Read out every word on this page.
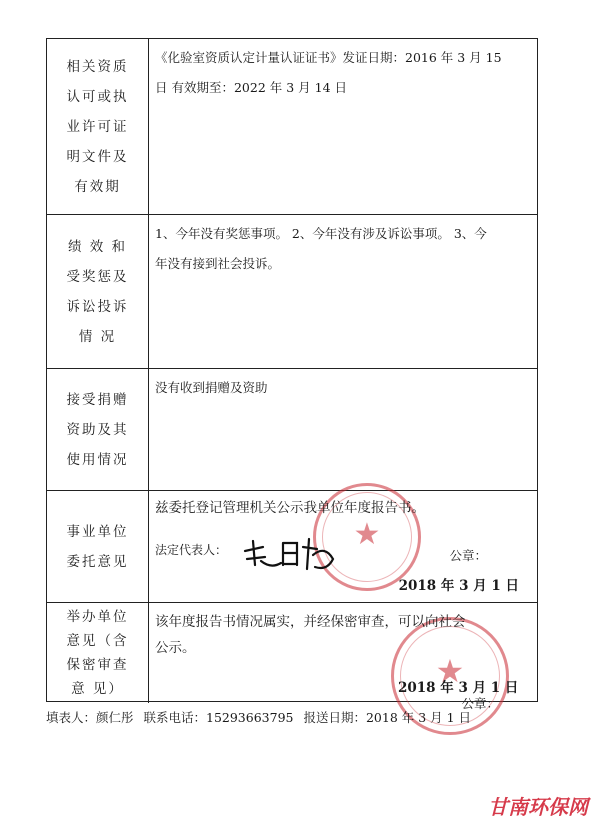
相关资质
认可或执
业许可证
明文件及
有效期

《化验室资质认定计量认证证书》发证日期：2016 年 3 月 15

日 有效期至：2022 年 3 月 14 日

绩 效 和
受奖惩及
诉讼投诉
情 况

1、今年没有奖惩事项。 2、今年没有涉及诉讼事项。 3、今

年没有接到社会投诉。

接受捐赠
资助及其
使用情况

没有收到捐赠及资助

事业单位
委托意见
★

兹委托登记管理机关公示我单位年度报告书。

法定代表人：	公章：
2018 年 3 月 1 日
举办单位
意见（含
保密审查
意 见）	★

该年度报告书情况属实，并经保密审查，可以向社会

公示。

公章：
2018 年 3 月 1 日
填表人：颜仁彤 联系电话：15293663795 报送日期：2018 年 3 月 1 日
甘南环保网
